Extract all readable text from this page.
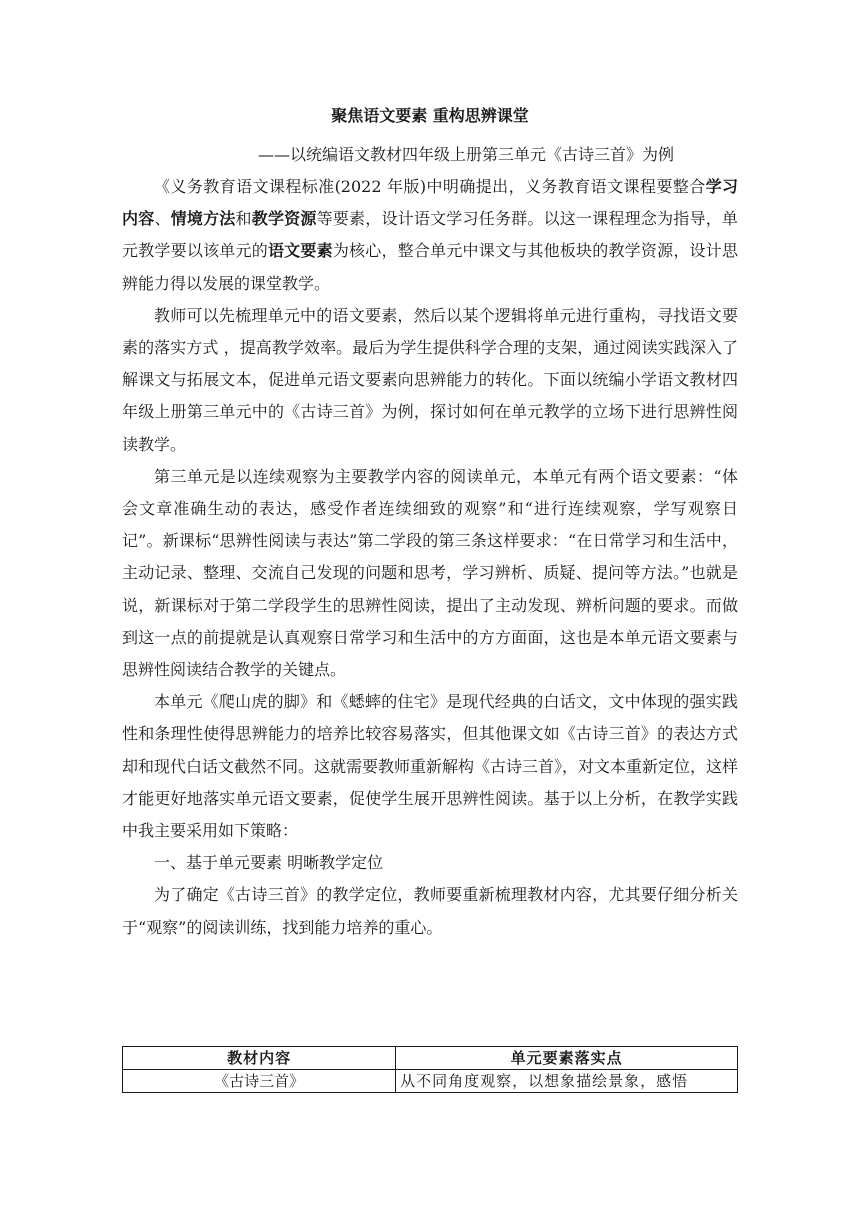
聚焦语文要素 重构思辨课堂

——以统编语文教材四年级上册第三单元《古诗三首》为例

《义务教育语文课程标准(2022 年版)中明确提出，义务教育语文课程要整合学习内容、情境方法和教学资源等要素，设计语文学习任务群。以这一课程理念为指导，单元教学要以该单元的语文要素为核心，整合单元中课文与其他板块的教学资源，设计思辨能力得以发展的课堂教学。

教师可以先梳理单元中的语文要素，然后以某个逻辑将单元进行重构，寻找语文要素的落实方式 ，提高教学效率。最后为学生提供科学合理的支架，通过阅读实践深入了解课文与拓展文本，促进单元语文要素向思辨能力的转化。下面以统编小学语文教材四年级上册第三单元中的《古诗三首》为例，探讨如何在单元教学的立场下进行思辨性阅读教学。

第三单元是以连续观察为主要教学内容的阅读单元，本单元有两个语文要素：“体会文章准确生动的表达，感受作者连续细致的观察”和“进行连续观察，学写观察日记”。新课标“思辨性阅读与表达”第二学段的第三条这样要求：“在日常学习和生活中，主动记录、整理、交流自己发现的问题和思考，学习辨析、质疑、提问等方法。”也就是说，新课标对于第二学段学生的思辨性阅读，提出了主动发现、辨析问题的要求。而做到这一点的前提就是认真观察日常学习和生活中的方方面面，这也是本单元语文要素与思辨性阅读结合教学的关键点。

本单元《爬山虎的脚》和《蟋蟀的住宅》是现代经典的白话文，文中体现的强实践性和条理性使得思辨能力的培养比较容易落实，但其他课文如《古诗三首》的表达方式却和现代白话文截然不同。这就需要教师重新解构《古诗三首》，对文本重新定位，这样才能更好地落实单元语文要素，促使学生展开思辨性阅读。基于以上分析，在教学实践中我主要采用如下策略：

一、基于单元要素 明晰教学定位

为了确定《古诗三首》的教学定位，教师要重新梳理教材内容，尤其要仔细分析关于“观察”的阅读训练，找到能力培养的重心。

教材内容	单元要素落实点
《古诗三首》	从不同角度观察，以想象描绘景象，感悟
